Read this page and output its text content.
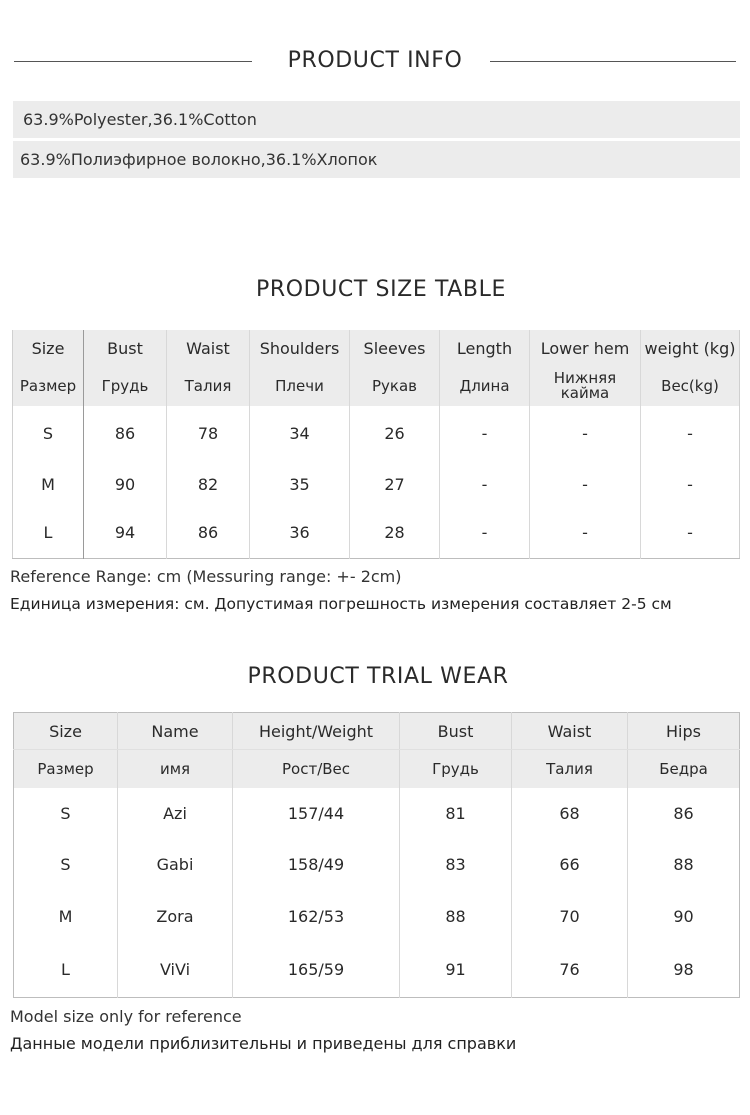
PRODUCT INFO
63.9%Polyester,36.1%Cotton
63.9%Полиэфирное волокно,36.1%Хлопок
PRODUCT SIZE TABLE
Size	Bust	Waist	Shoulders	Sleeves	Length	Lower hem	weight (kg)
Размер	Грудь	Талия	Плечи	Рукав	Длина	Нижняя кайма	Вес(kg)
S	86	78	34	26	-	-	-
M	90	82	35	27	-	-	-
L	94	86	36	28	-	-	-
Reference Range: cm (Messuring range: +- 2cm)
Единица измерения: см. Допустимая погрешность измерения составляет 2-5 см
PRODUCT TRIAL WEAR
Size	Name	Height/Weight	Bust	Waist	Hips
Размер	имя	Рост/Вес	Грудь	Талия	Бедра
S	Azi	157/44	81	68	86
S	Gabi	158/49	83	66	88
M	Zora	162/53	88	70	90
L	ViVi	165/59	91	76	98
Model size only for reference
Данные модели приблизительны и приведены для справки
